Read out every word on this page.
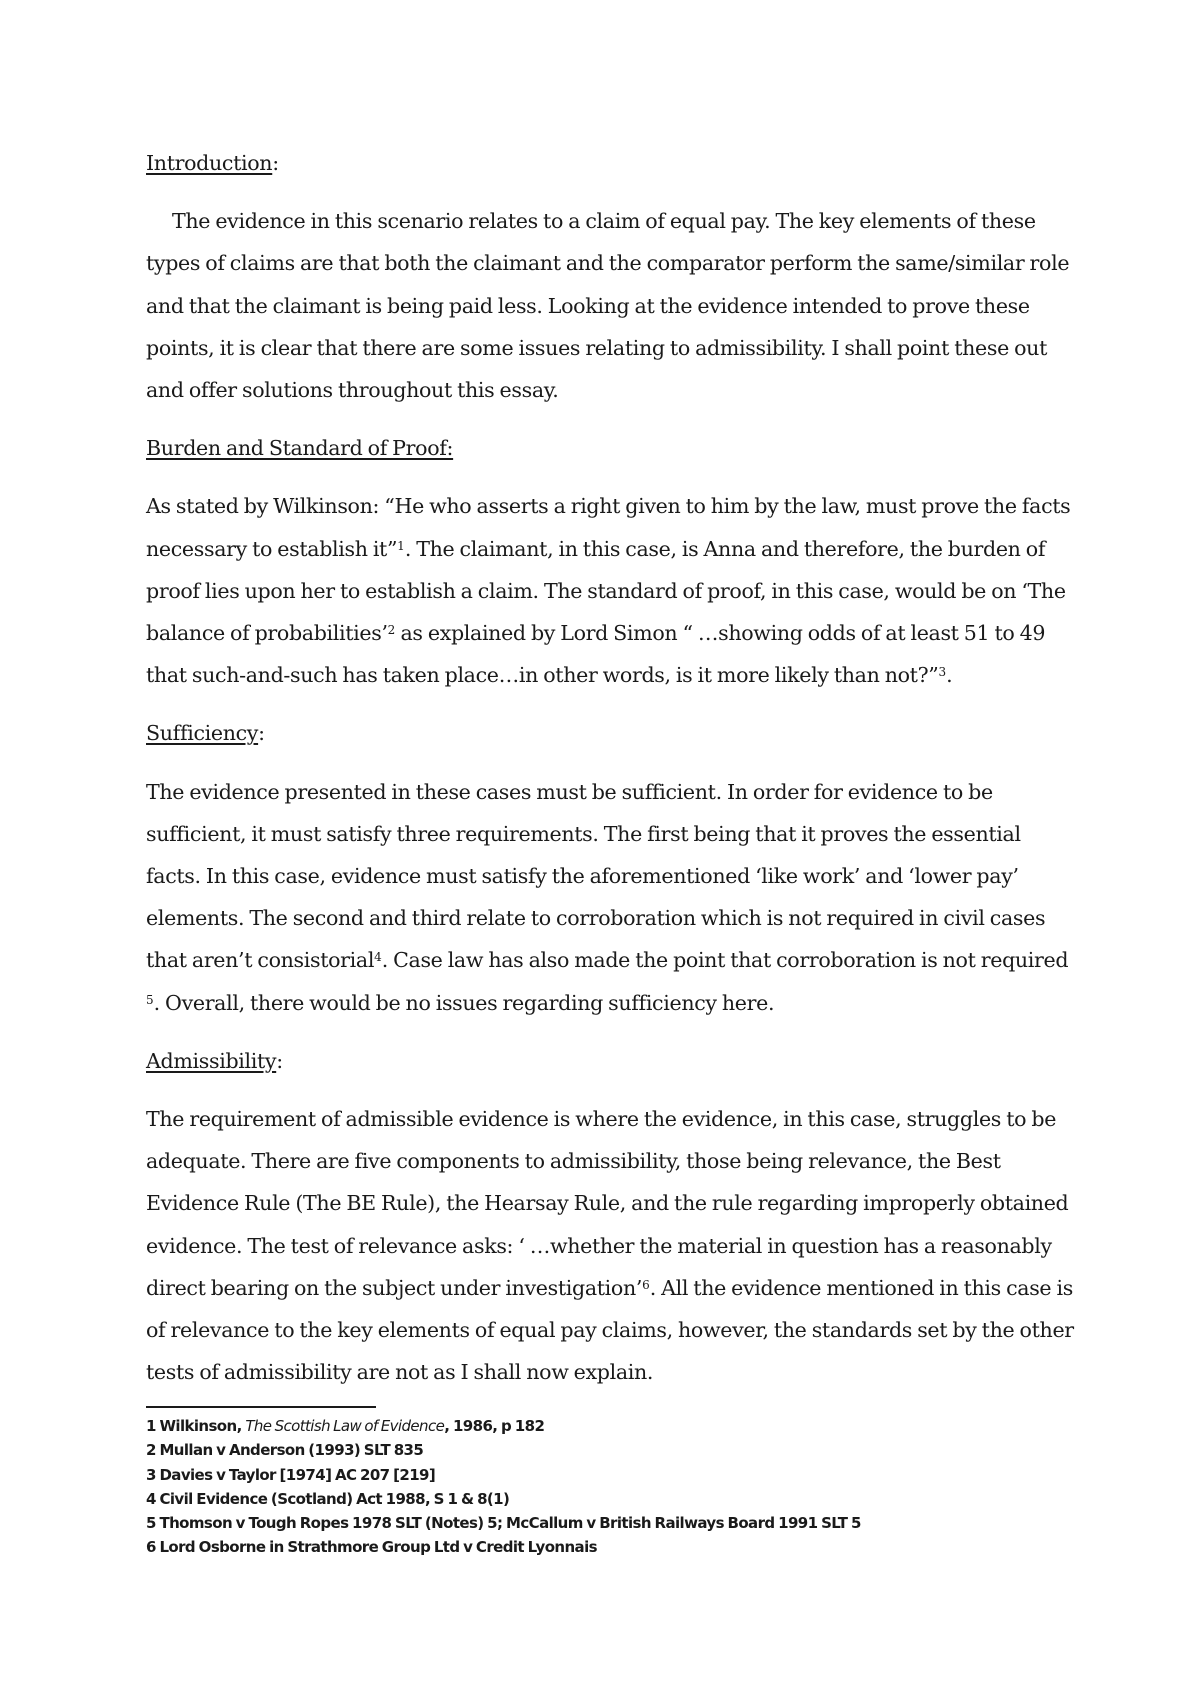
Introduction:

The evidence in this scenario relates to a claim of equal pay. The key elements of these types of claims are that both the claimant and the comparator perform the same/similar role and that the claimant is being paid less. Looking at the evidence intended to prove these points, it is clear that there are some issues relating to admissibility. I shall point these out and offer solutions throughout this essay.

Burden and Standard of Proof:

As stated by Wilkinson: “He who asserts a right given to him by the law, must prove the facts necessary to establish it”$^1$. The claimant, in this case, is Anna and therefore, the burden of proof lies upon her to establish a claim. The standard of proof, in this case, would be on ‘The balance of probabilities’$^2$ as explained by Lord Simon “ …showing odds of at least 51 to 49 that such-and-such has taken place…in other words, is it more likely than not?”$^3$.

Sufficiency:

The evidence presented in these cases must be sufficient. In order for evidence to be sufficient, it must satisfy three requirements. The first being that it proves the essential facts. In this case, evidence must satisfy the aforementioned ‘like work’ and ‘lower pay’ elements. The second and third relate to corroboration which is not required in civil cases that aren’t consistorial$^4$. Case law has also made the point that corroboration is not required $^5$. Overall, there would be no issues regarding sufficiency here.

Admissibility:

The requirement of admissible evidence is where the evidence, in this case, struggles to be adequate. There are five components to admissibility, those being relevance, the Best Evidence Rule (The BE Rule), the Hearsay Rule, and the rule regarding improperly obtained evidence. The test of relevance asks: ‘ …whether the material in question has a reasonably direct bearing on the subject under investigation’$^6$. All the evidence mentioned in this case is of relevance to the key elements of equal pay claims, however, the standards set by the other tests of admissibility are not as I shall now explain.

1 Wilkinson, The Scottish Law of Evidence, 1986, p 182

2 Mullan v Anderson (1993) SLT 835

3 Davies v Taylor [1974] AC 207 [219]

4 Civil Evidence (Scotland) Act 1988, S 1 & 8(1)

5 Thomson v Tough Ropes 1978 SLT (Notes) 5; McCallum v British Railways Board 1991 SLT 5

6 Lord Osborne in Strathmore Group Ltd v Credit Lyonnais
